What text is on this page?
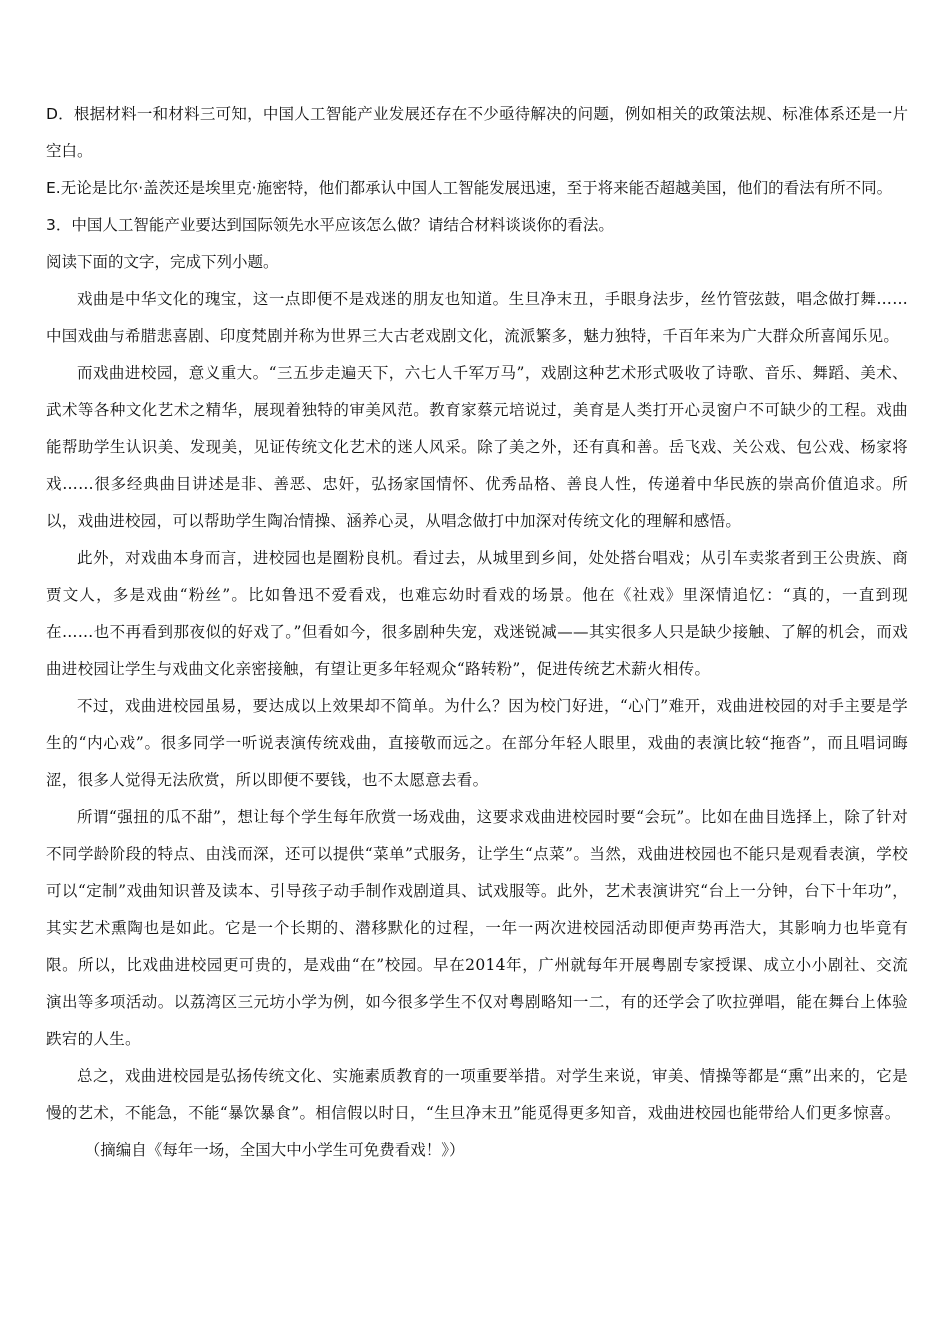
D．根据材料一和材料三可知，中国人工智能产业发展还存在不少亟待解决的问题，例如相关的政策法规、标准体系还是一片空白。

E.无论是比尔·盖茨还是埃里克·施密特，他们都承认中国人工智能发展迅速，至于将来能否超越美国，他们的看法有所不同。

3．中国人工智能产业要达到国际领先水平应该怎么做？请结合材料谈谈你的看法。

阅读下面的文字，完成下列小题。

戏曲是中华文化的瑰宝，这一点即便不是戏迷的朋友也知道。生旦净末丑，手眼身法步，丝竹管弦鼓，唱念做打舞……中国戏曲与希腊悲喜剧、印度梵剧并称为世界三大古老戏剧文化，流派繁多，魅力独特，千百年来为广大群众所喜闻乐见。

而戏曲进校园，意义重大。“三五步走遍天下，六七人千军万马”，戏剧这种艺术形式吸收了诗歌、音乐、舞蹈、美术、武术等各种文化艺术之精华，展现着独特的审美风范。教育家蔡元培说过，美育是人类打开心灵窗户不可缺少的工程。戏曲能帮助学生认识美、发现美，见证传统文化艺术的迷人风采。除了美之外，还有真和善。岳飞戏、关公戏、包公戏、杨家将戏……很多经典曲目讲述是非、善恶、忠奸，弘扬家国情怀、优秀品格、善良人性，传递着中华民族的崇高价值追求。所以，戏曲进校园，可以帮助学生陶冶情操、涵养心灵，从唱念做打中加深对传统文化的理解和感悟。

此外，对戏曲本身而言，进校园也是圈粉良机。看过去，从城里到乡间，处处搭台唱戏；从引车卖浆者到王公贵族、商贾文人，多是戏曲“粉丝”。比如鲁迅不爱看戏，也难忘幼时看戏的场景。他在《社戏》里深情追忆：“真的，一直到现在……也不再看到那夜似的好戏了。”但看如今，很多剧种失宠，戏迷锐减——其实很多人只是缺少接触、了解的机会，而戏曲进校园让学生与戏曲文化亲密接触，有望让更多年轻观众“路转粉”，促进传统艺术薪火相传。

不过，戏曲进校园虽易，要达成以上效果却不简单。为什么？因为校门好进，“心门”难开，戏曲进校园的对手主要是学生的“内心戏”。很多同学一听说表演传统戏曲，直接敬而远之。在部分年轻人眼里，戏曲的表演比较“拖沓”，而且唱词晦涩，很多人觉得无法欣赏，所以即便不要钱，也不太愿意去看。

所谓“强扭的瓜不甜”，想让每个学生每年欣赏一场戏曲，这要求戏曲进校园时要“会玩”。比如在曲目选择上，除了针对不同学龄阶段的特点、由浅而深，还可以提供“菜单”式服务，让学生“点菜”。当然，戏曲进校园也不能只是观看表演，学校可以“定制”戏曲知识普及读本、引导孩子动手制作戏剧道具、试戏服等。此外，艺术表演讲究“台上一分钟，台下十年功”，其实艺术熏陶也是如此。它是一个长期的、潜移默化的过程，一年一两次进校园活动即便声势再浩大，其影响力也毕竟有限。所以，比戏曲进校园更可贵的，是戏曲“在”校园。早在2014年，广州就每年开展粤剧专家授课、成立小小剧社、交流演出等多项活动。以荔湾区三元坊小学为例，如今很多学生不仅对粤剧略知一二，有的还学会了吹拉弹唱，能在舞台上体验跌宕的人生。

总之，戏曲进校园是弘扬传统文化、实施素质教育的一项重要举措。对学生来说，审美、情操等都是“熏”出来的，它是慢的艺术，不能急，不能“暴饮暴食”。相信假以时日，“生旦净末丑”能觅得更多知音，戏曲进校园也能带给人们更多惊喜。

（摘编自《每年一场，全国大中小学生可免费看戏！》）
